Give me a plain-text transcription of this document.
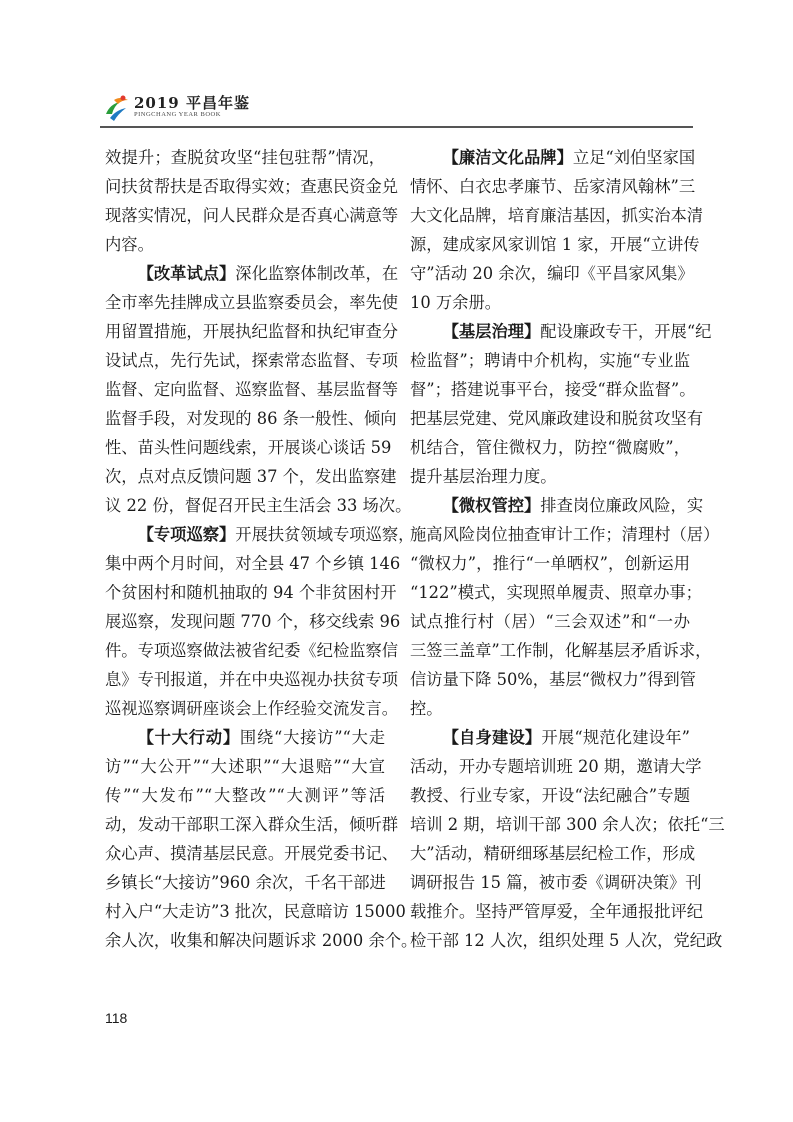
2019 平昌年鉴
PINGCHANG YEAR BOOK
效提升；查脱贫攻坚“挂包驻帮”情况，
问扶贫帮扶是否取得实效；查惠民资金兑
现落实情况，问人民群众是否真心满意等
内容。
【改革试点】深化监察体制改革，在
全市率先挂牌成立县监察委员会，率先使
用留置措施，开展执纪监督和执纪审查分
设试点，先行先试，探索常态监督、专项
监督、定向监督、巡察监督、基层监督等
监督手段，对发现的 86 条一般性、倾向
性、苗头性问题线索，开展谈心谈话 59
次，点对点反馈问题 37 个，发出监察建
议 22 份，督促召开民主生活会 33 场次。
【专项巡察】开展扶贫领域专项巡察，
集中两个月时间，对全县 47 个乡镇 146
个贫困村和随机抽取的 94 个非贫困村开
展巡察，发现问题 770 个，移交线索 96
件。专项巡察做法被省纪委《纪检监察信
息》专刊报道，并在中央巡视办扶贫专项
巡视巡察调研座谈会上作经验交流发言。
【十大行动】围绕“大接访”“大走
访”“大公开”“大述职”“大退赔”“大宣
传”“大发布”“大整改”“大测评”等活
动，发动干部职工深入群众生活，倾听群
众心声、摸清基层民意。开展党委书记、
乡镇长“大接访”960 余次，千名干部进
村入户“大走访”3 批次，民意暗访 15000
余人次，收集和解决问题诉求 2000 余个。
【廉洁文化品牌】立足“刘伯坚家国
情怀、白衣忠孝廉节、岳家清风翰林”三
大文化品牌，培育廉洁基因，抓实治本清
源，建成家风家训馆 1 家，开展“立讲传
守”活动 20 余次，编印《平昌家风集》
10 万余册。
【基层治理】配设廉政专干，开展“纪
检监督”；聘请中介机构，实施“专业监
督”；搭建说事平台，接受“群众监督”。
把基层党建、党风廉政建设和脱贫攻坚有
机结合，管住微权力，防控“微腐败”，
提升基层治理力度。
【微权管控】排查岗位廉政风险，实
施高风险岗位抽查审计工作；清理村（居）
“微权力”，推行“一单晒权”，创新运用
“122”模式，实现照单履责、照章办事；
试点推行村（居）“三会双述”和“一办
三签三盖章”工作制，化解基层矛盾诉求，
信访量下降 50%，基层“微权力”得到管
控。
【自身建设】开展“规范化建设年”
活动，开办专题培训班 20 期，邀请大学
教授、行业专家，开设“法纪融合”专题
培训 2 期，培训干部 300 余人次；依托“三
大”活动，精研细琢基层纪检工作，形成
调研报告 15 篇，被市委《调研决策》刊
载推介。坚持严管厚爱，全年通报批评纪
检干部 12 人次，组织处理 5 人次，党纪政
118
